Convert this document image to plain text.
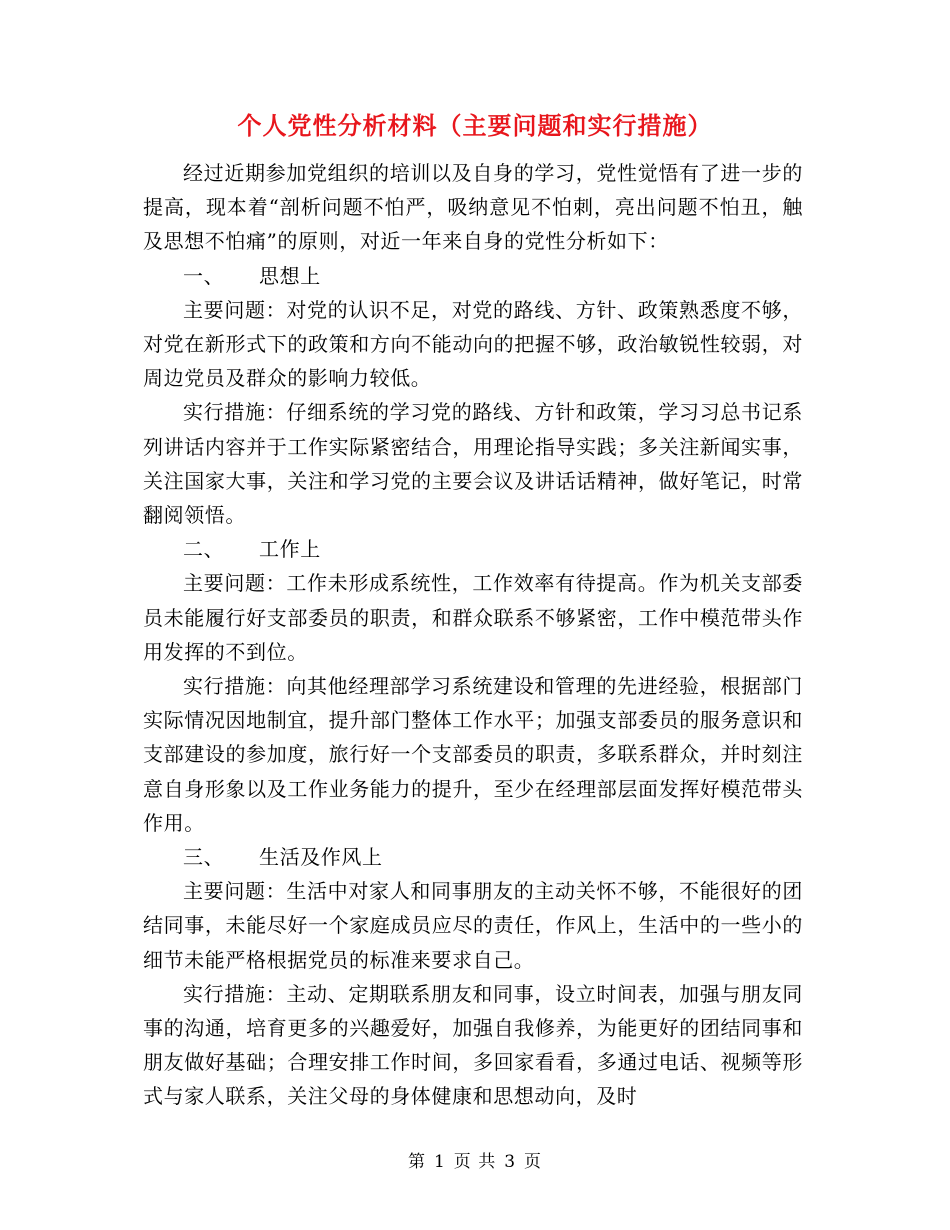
个人党性分析材料（主要问题和实行措施）

经过近期参加党组织的培训以及自身的学习，党性觉悟有了进一步的提高，现本着“剖析问题不怕严，吸纳意见不怕刺，亮出问题不怕丑，触及思想不怕痛”的原则，对近一年来自身的党性分析如下：

一、 思想上

主要问题：对党的认识不足，对党的路线、方针、政策熟悉度不够，对党在新形式下的政策和方向不能动向的把握不够，政治敏锐性较弱，对周边党员及群众的影响力较低。

实行措施：仔细系统的学习党的路线、方针和政策，学习习总书记系列讲话内容并于工作实际紧密结合，用理论指导实践；多关注新闻实事，关注国家大事，关注和学习党的主要会议及讲话话精神，做好笔记，时常翻阅领悟。

二、 工作上

主要问题：工作未形成系统性，工作效率有待提高。作为机关支部委员未能履行好支部委员的职责，和群众联系不够紧密，工作中模范带头作用发挥的不到位。

实行措施：向其他经理部学习系统建设和管理的先进经验，根据部门实际情况因地制宜，提升部门整体工作水平；加强支部委员的服务意识和支部建设的参加度，旅行好一个支部委员的职责，多联系群众，并时刻注意自身形象以及工作业务能力的提升，至少在经理部层面发挥好模范带头作用。

三、 生活及作风上

主要问题：生活中对家人和同事朋友的主动关怀不够，不能很好的团结同事，未能尽好一个家庭成员应尽的责任，作风上，生活中的一些小的细节未能严格根据党员的标准来要求自己。

实行措施：主动、定期联系朋友和同事，设立时间表，加强与朋友同事的沟通，培育更多的兴趣爱好，加强自我修养，为能更好的团结同事和朋友做好基础；合理安排工作时间，多回家看看，多通过电话、视频等形式与家人联系，关注父母的身体健康和思想动向，及时

第 1 页 共 3 页
